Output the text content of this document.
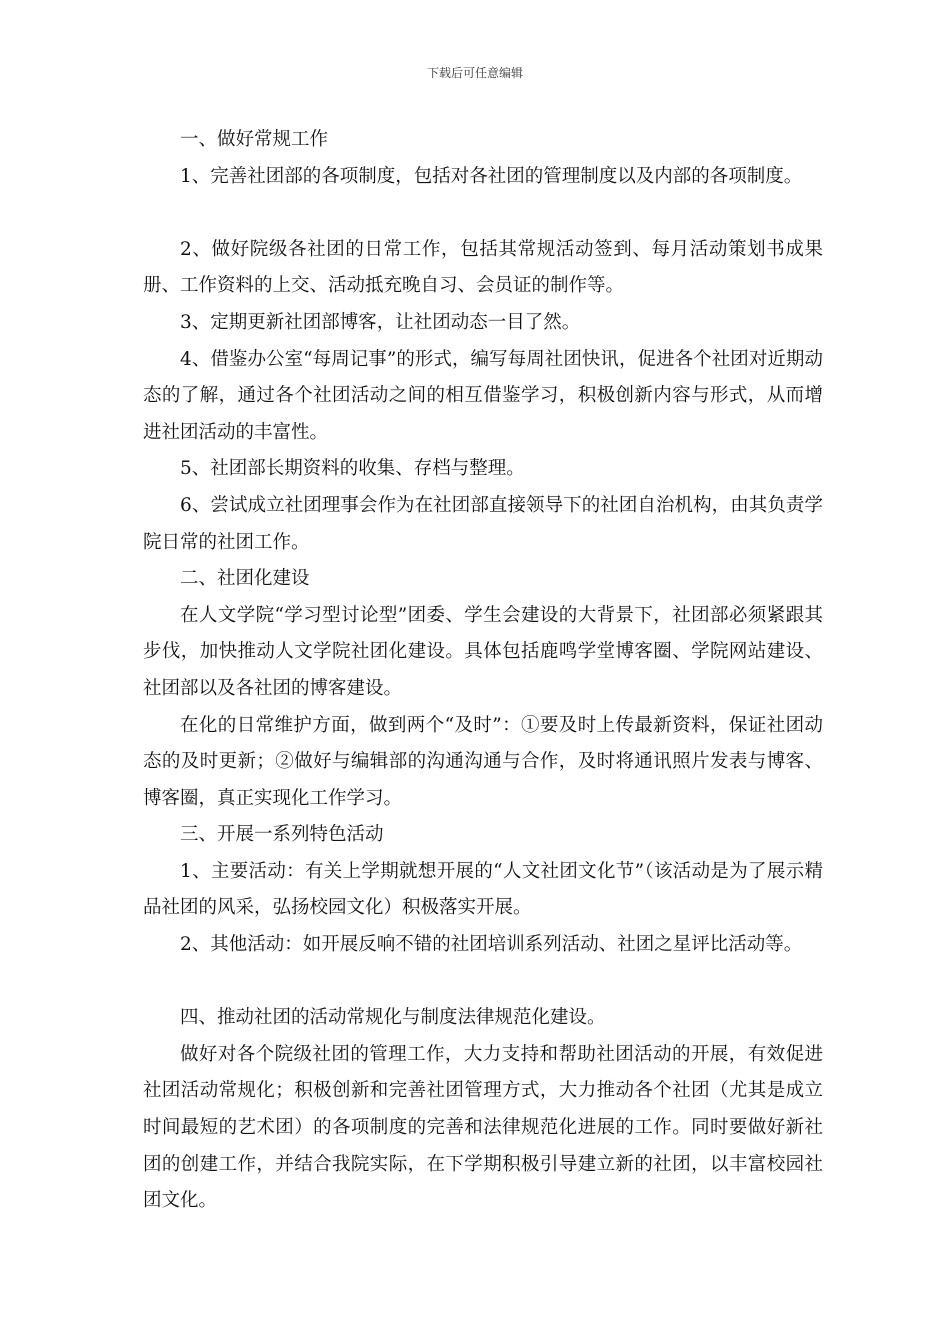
下载后可任意编辑

一、做好常规工作

1、完善社团部的各项制度，包括对各社团的管理制度以及内部的各项制度。

2、做好院级各社团的日常工作，包括其常规活动签到、每月活动策划书成果册、工作资料的上交、活动抵充晚自习、会员证的制作等。

3、定期更新社团部博客，让社团动态一目了然。

4、借鉴办公室“每周记事”的形式，编写每周社团快讯，促进各个社团对近期动态的了解，通过各个社团活动之间的相互借鉴学习，积极创新内容与形式，从而增进社团活动的丰富性。

5、社团部长期资料的收集、存档与整理。

6、尝试成立社团理事会作为在社团部直接领导下的社团自治机构，由其负责学院日常的社团工作。

二、社团化建设

在人文学院“学习型讨论型”团委、学生会建设的大背景下，社团部必须紧跟其步伐，加快推动人文学院社团化建设。具体包括鹿鸣学堂博客圈、学院网站建设、社团部以及各社团的博客建设。

在化的日常维护方面，做到两个“及时”：①要及时上传最新资料，保证社团动态的及时更新；②做好与编辑部的沟通沟通与合作，及时将通讯照片发表与博客、博客圈，真正实现化工作学习。

三、开展一系列特色活动

1、主要活动：有关上学期就想开展的“人文社团文化节”（该活动是为了展示精品社团的风采，弘扬校园文化）积极落实开展。

2、其他活动：如开展反响不错的社团培训系列活动、社团之星评比活动等。

四、推动社团的活动常规化与制度法律规范化建设。

做好对各个院级社团的管理工作，大力支持和帮助社团活动的开展，有效促进社团活动常规化；积极创新和完善社团管理方式，大力推动各个社团（尤其是成立时间最短的艺术团）的各项制度的完善和法律规范化进展的工作。同时要做好新社团的创建工作，并结合我院实际，在下学期积极引导建立新的社团，以丰富校园社团文化。
